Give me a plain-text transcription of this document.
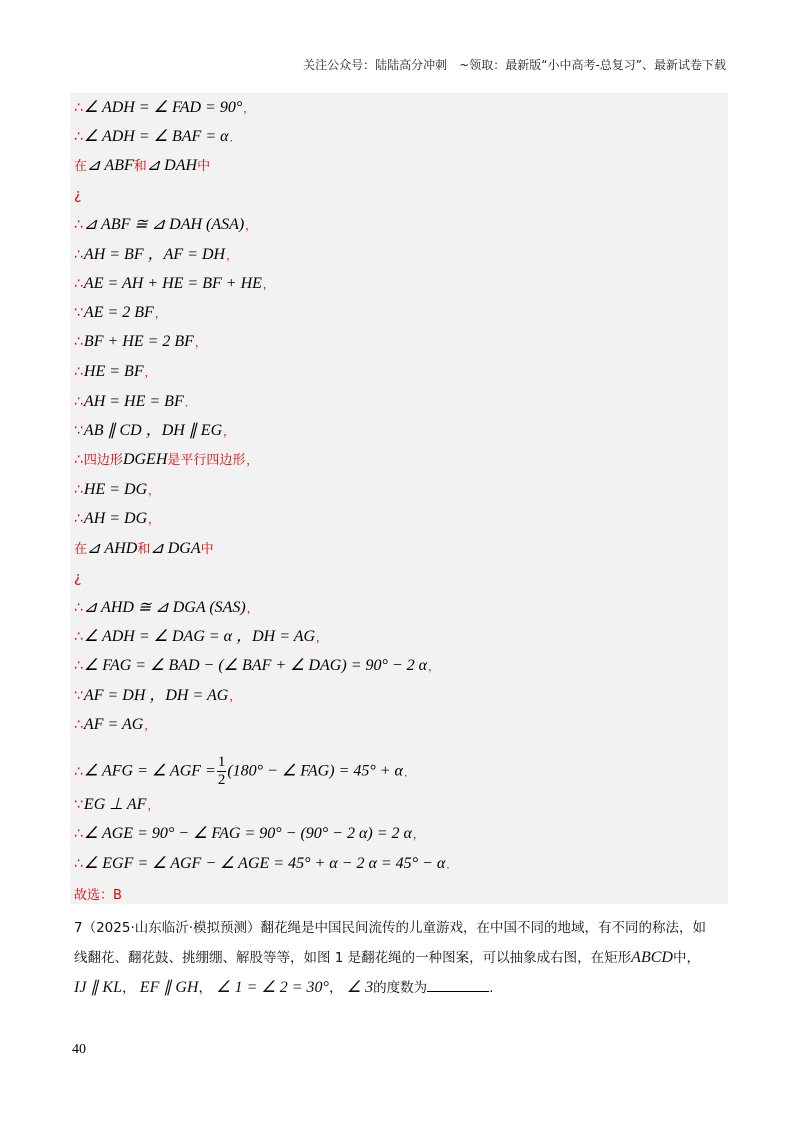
关注公众号：陆陆高分冲刺　~领取：最新版“小中高考-总复习”、最新试卷下载
∴∠ ADH = ∠ FAD = 90°，
∴∠ ADH = ∠ BAF = α．
在⊿ ABF和⊿ DAH中
¿
∴⊿ ABF ≅ ⊿ DAH (ASA)，
∴AH = BF ，AF = DH，
∴AE = AH + HE = BF + HE，
∵AE = 2 BF，
∴BF + HE = 2 BF，
∴HE = BF，
∴AH = HE = BF．
∵AB ∥ CD ，DH ∥ EG，
∴四边形DGEH是平行四边形，
∴HE = DG，
∴AH = DG，
在⊿ AHD和⊿ DGA中
¿
∴⊿ AHD ≅ ⊿ DGA (SAS)，
∴∠ ADH = ∠ DAG = α ，DH = AG，
∴∠ FAG = ∠ BAD − (∠ BAF + ∠ DAG) = 90° − 2 α，
∵AF = DH ，DH = AG，
∴AF = AG，
∴∠ AFG = ∠ AGF = $\frac{1}{2} (180^\circ$ − ∠ FAG) = 45° + α．
∵EG ⊥ AF，
∴∠ AGE = 90° − ∠ FAG = 90° − (90° − 2 α) = 2 α，
∴∠ EGF = ∠ AGF − ∠ AGE = 45° + α − 2 α = 45° − α．
故选：B
7（2025·山东临沂·模拟预测）翻花绳是中国民间流传的儿童游戏，在中国不同的地域，有不同的称法，如
线翻花、翻花鼓、挑绷绷、解股等等，如图 1 是翻花绳的一种图案，可以抽象成右图，在矩形ABCD中，
IJ ∥ KL， EF ∥ GH， ∠ 1 = ∠ 2 = 30°， ∠ 3的度数为	.
40
